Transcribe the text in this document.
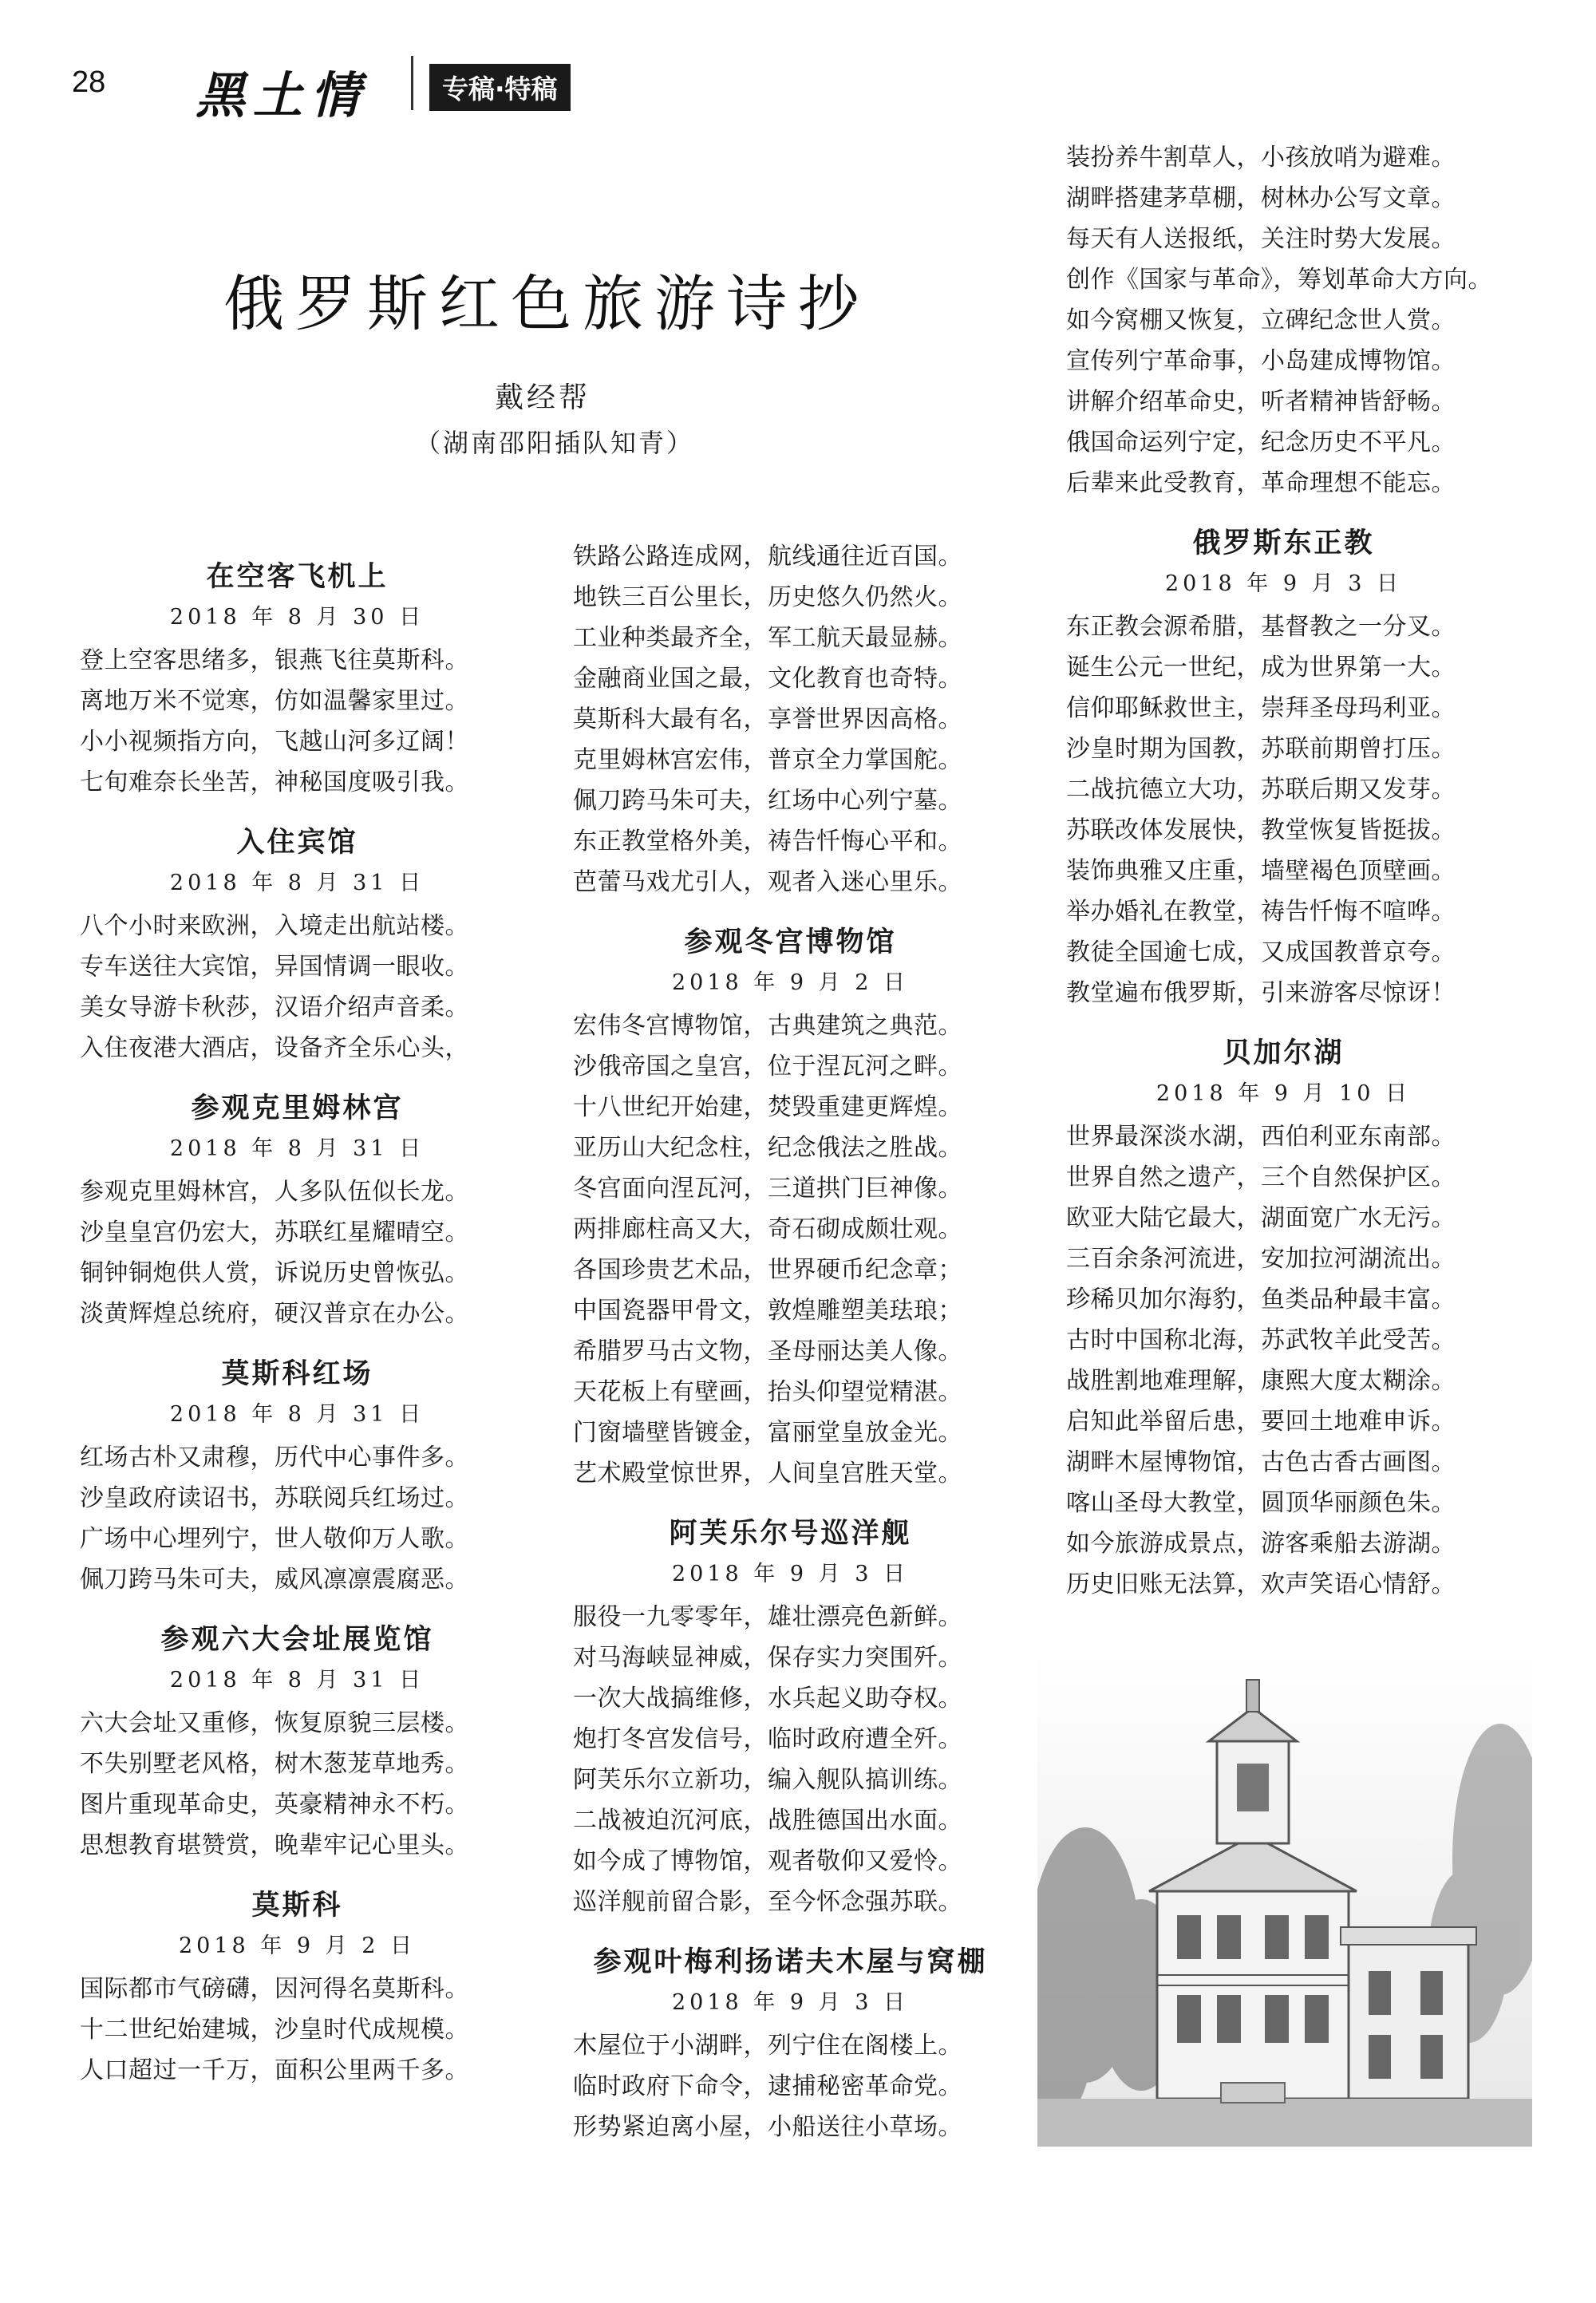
28 黑土情	专稿·特稿
俄罗斯红色旅游诗抄

戴经帮

（湖南邵阳插队知青）

在空客飞机上

2018 年 8 月 30 日

登上空客思绪多，银燕飞往莫斯科。

离地万米不觉寒，仿如温馨家里过。

小小视频指方向，飞越山河多辽阔！

七旬难奈长坐苦，神秘国度吸引我。

入住宾馆

2018 年 8 月 31 日

八个小时来欧洲，入境走出航站楼。

专车送往大宾馆，异国情调一眼收。

美女导游卡秋莎，汉语介绍声音柔。

入住夜港大酒店，设备齐全乐心头，

参观克里姆林宫

2018 年 8 月 31 日

参观克里姆林宫，人多队伍似长龙。

沙皇皇宫仍宏大，苏联红星耀晴空。

铜钟铜炮供人赏，诉说历史曾恢弘。

淡黄辉煌总统府，硬汉普京在办公。

莫斯科红场

2018 年 8 月 31 日

红场古朴又肃穆，历代中心事件多。

沙皇政府读诏书，苏联阅兵红场过。

广场中心埋列宁，世人敬仰万人歌。

佩刀跨马朱可夫，威风凛凛震腐恶。

参观六大会址展览馆

2018 年 8 月 31 日

六大会址又重修，恢复原貌三层楼。

不失别墅老风格，树木葱茏草地秀。

图片重现革命史，英豪精神永不朽。

思想教育堪赞赏，晚辈牢记心里头。

莫斯科

2018 年 9 月 2 日

国际都市气磅礴，因河得名莫斯科。

十二世纪始建城，沙皇时代成规模。

人口超过一千万，面积公里两千多。

铁路公路连成网，航线通往近百国。

地铁三百公里长，历史悠久仍然火。

工业种类最齐全，军工航天最显赫。

金融商业国之最，文化教育也奇特。

莫斯科大最有名，享誉世界因高格。

克里姆林宫宏伟，普京全力掌国舵。

佩刀跨马朱可夫，红场中心列宁墓。

东正教堂格外美，祷告忏悔心平和。

芭蕾马戏尤引人，观者入迷心里乐。

参观冬宫博物馆

2018 年 9 月 2 日

宏伟冬宫博物馆，古典建筑之典范。

沙俄帝国之皇宫，位于涅瓦河之畔。

十八世纪开始建，焚毁重建更辉煌。

亚历山大纪念柱，纪念俄法之胜战。

冬宫面向涅瓦河，三道拱门巨神像。

两排廊柱高又大，奇石砌成颇壮观。

各国珍贵艺术品，世界硬币纪念章；

中国瓷器甲骨文，敦煌雕塑美珐琅；

希腊罗马古文物，圣母丽达美人像。

天花板上有壁画，抬头仰望觉精湛。

门窗墙壁皆镀金，富丽堂皇放金光。

艺术殿堂惊世界，人间皇宫胜天堂。

阿芙乐尔号巡洋舰

2018 年 9 月 3 日

服役一九零零年，雄壮漂亮色新鲜。

对马海峡显神威，保存实力突围歼。

一次大战搞维修，水兵起义助夺权。

炮打冬宫发信号，临时政府遭全歼。

阿芙乐尔立新功，编入舰队搞训练。

二战被迫沉河底，战胜德国出水面。

如今成了博物馆，观者敬仰又爱怜。

巡洋舰前留合影，至今怀念强苏联。

参观叶梅利扬诺夫木屋与窝棚

2018 年 9 月 3 日

木屋位于小湖畔，列宁住在阁楼上。

临时政府下命令，逮捕秘密革命党。

形势紧迫离小屋，小船送往小草场。

装扮养牛割草人，小孩放哨为避难。

湖畔搭建茅草棚，树林办公写文章。

每天有人送报纸，关注时势大发展。

创作《国家与革命》，筹划革命大方向。

如今窝棚又恢复，立碑纪念世人赏。

宣传列宁革命事，小岛建成博物馆。

讲解介绍革命史，听者精神皆舒畅。

俄国命运列宁定，纪念历史不平凡。

后辈来此受教育，革命理想不能忘。

俄罗斯东正教

2018 年 9 月 3 日

东正教会源希腊，基督教之一分叉。

诞生公元一世纪，成为世界第一大。

信仰耶稣救世主，崇拜圣母玛利亚。

沙皇时期为国教，苏联前期曾打压。

二战抗德立大功，苏联后期又发芽。

苏联改体发展快，教堂恢复皆挺拔。

装饰典雅又庄重，墙壁褐色顶壁画。

举办婚礼在教堂，祷告忏悔不喧哗。

教徒全国逾七成，又成国教普京夸。

教堂遍布俄罗斯，引来游客尽惊讶！

贝加尔湖

2018 年 9 月 10 日

世界最深淡水湖，西伯利亚东南部。

世界自然之遗产，三个自然保护区。

欧亚大陆它最大，湖面宽广水无污。

三百余条河流进，安加拉河湖流出。

珍稀贝加尔海豹，鱼类品种最丰富。

古时中国称北海，苏武牧羊此受苦。

战胜割地难理解，康熙大度太糊涂。

启知此举留后患，要回土地难申诉。

湖畔木屋博物馆，古色古香古画图。

喀山圣母大教堂，圆顶华丽颜色朱。

如今旅游成景点，游客乘船去游湖。

历史旧账无法算，欢声笑语心情舒。
